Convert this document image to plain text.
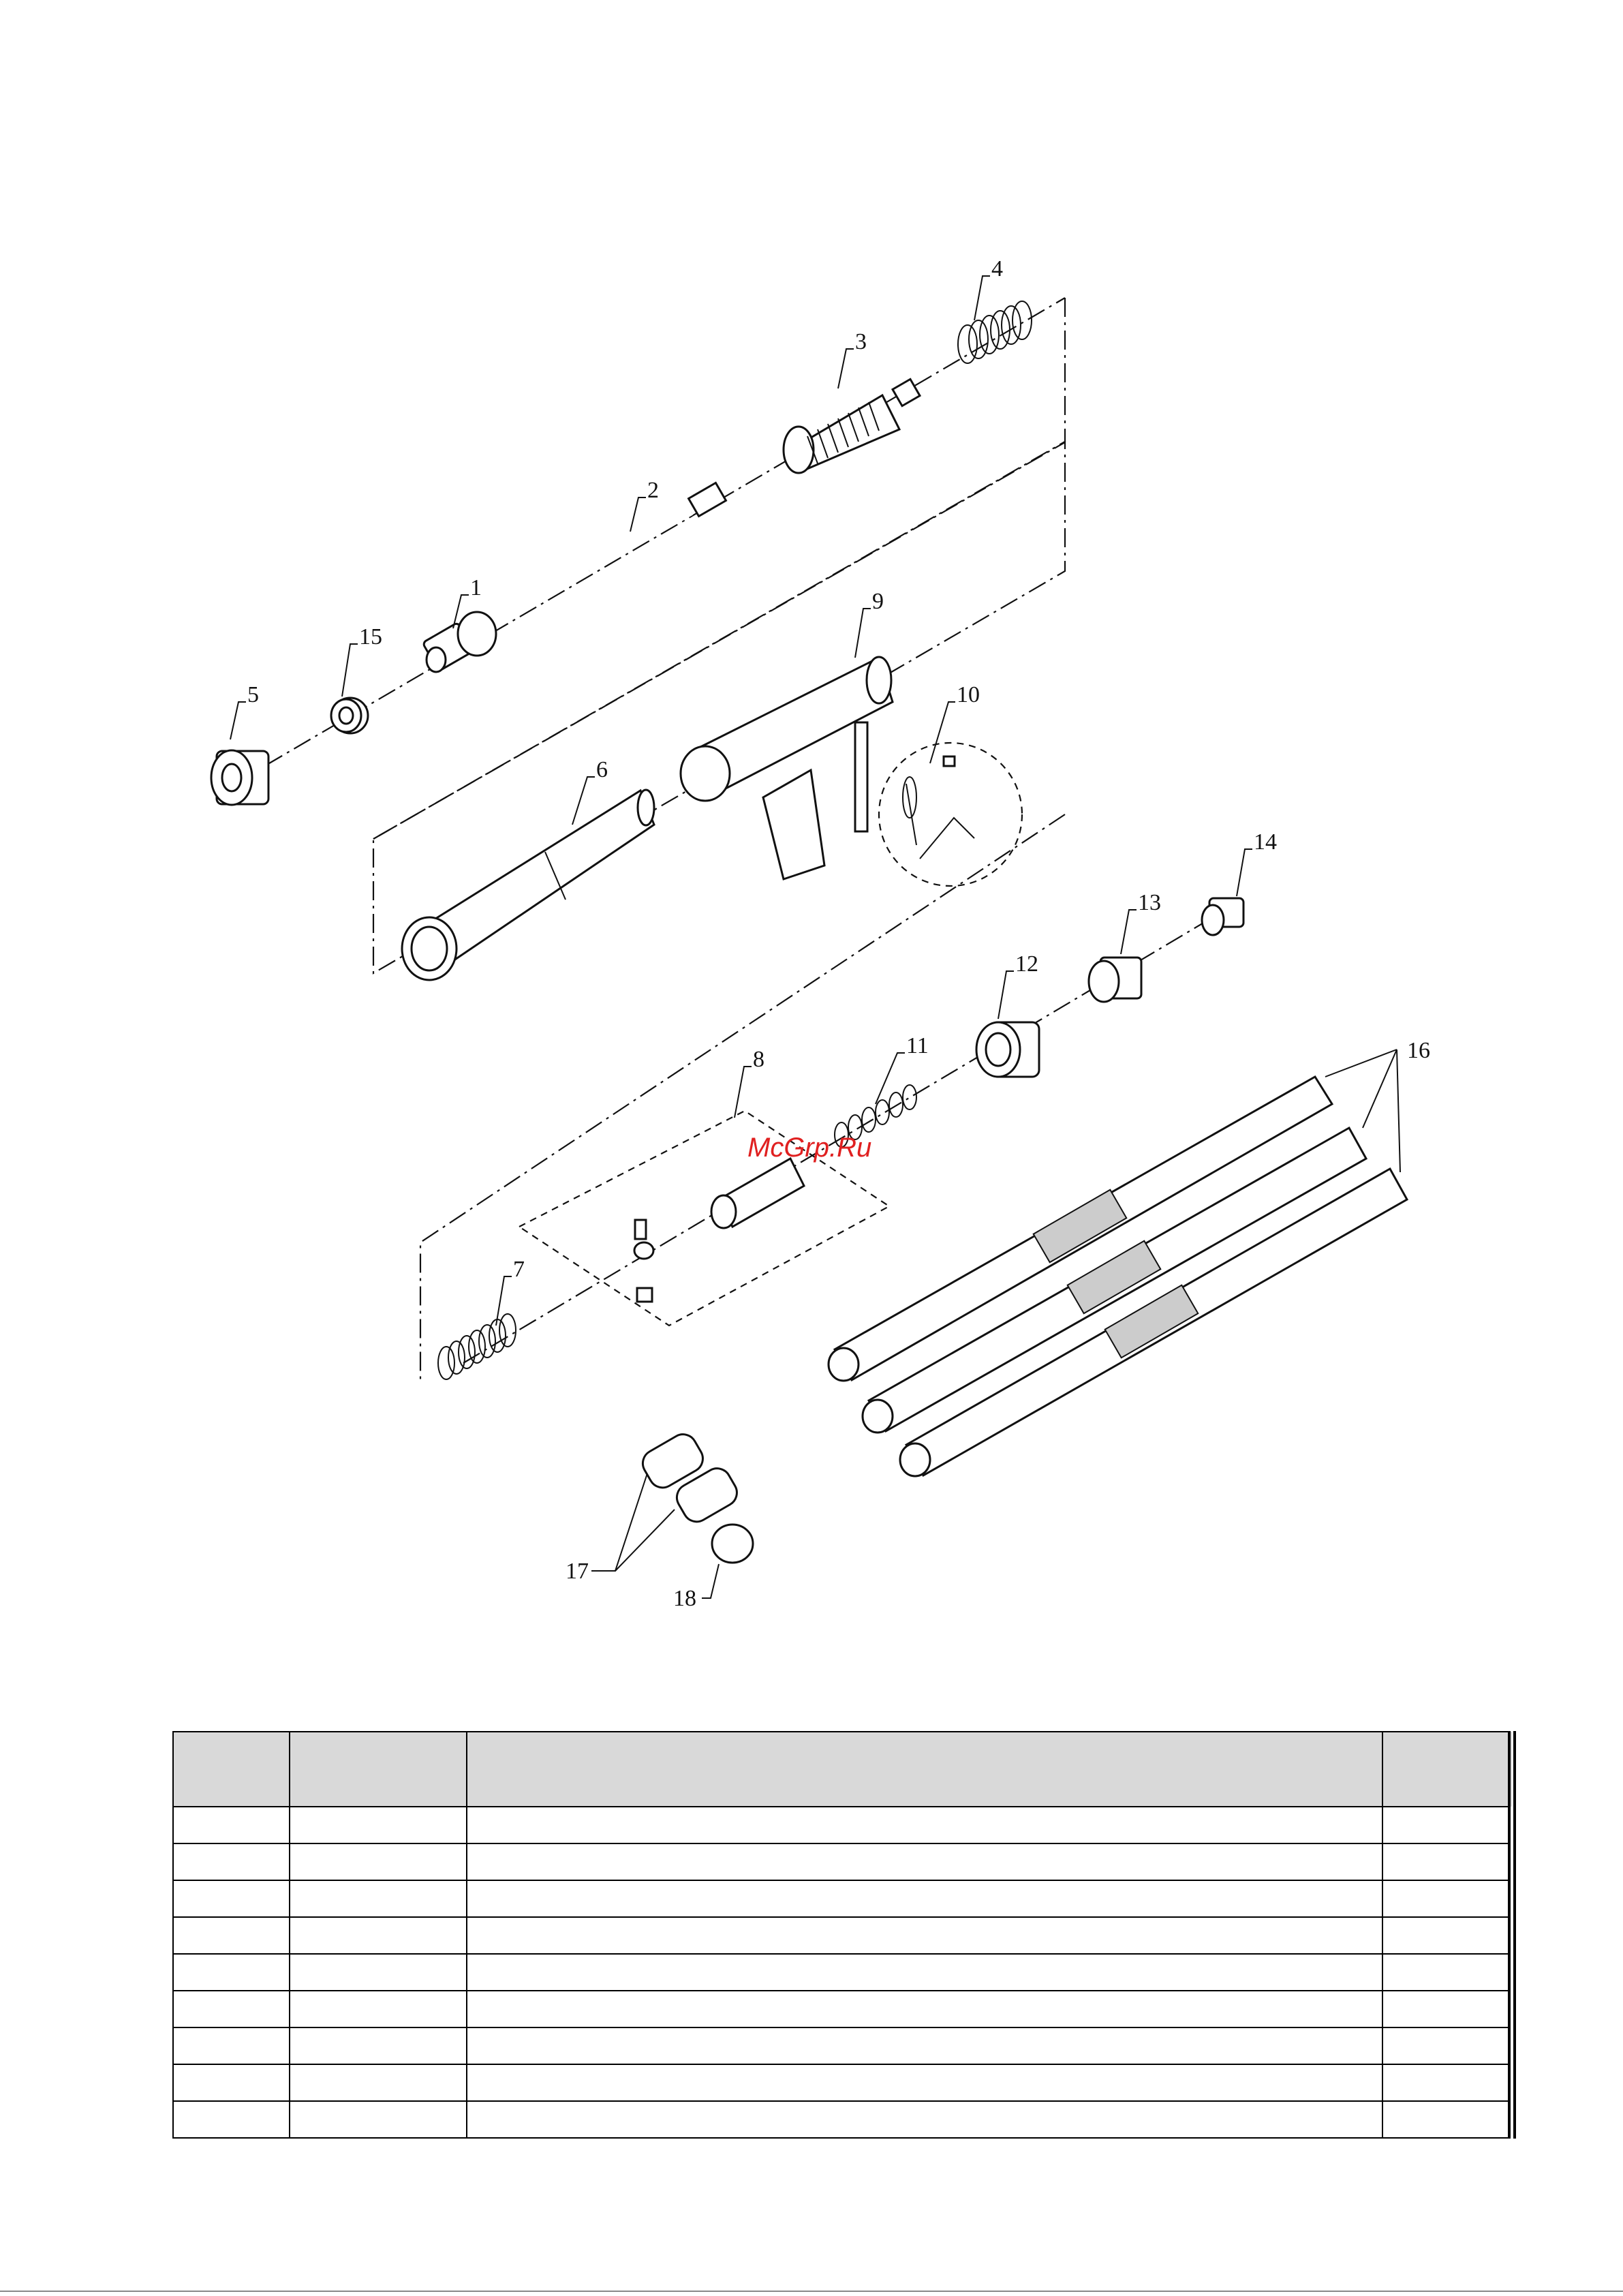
1
2
3
4
5
6
7
8
9
10
11
12
13
14
15
16
17
18
McGrp.Ru
